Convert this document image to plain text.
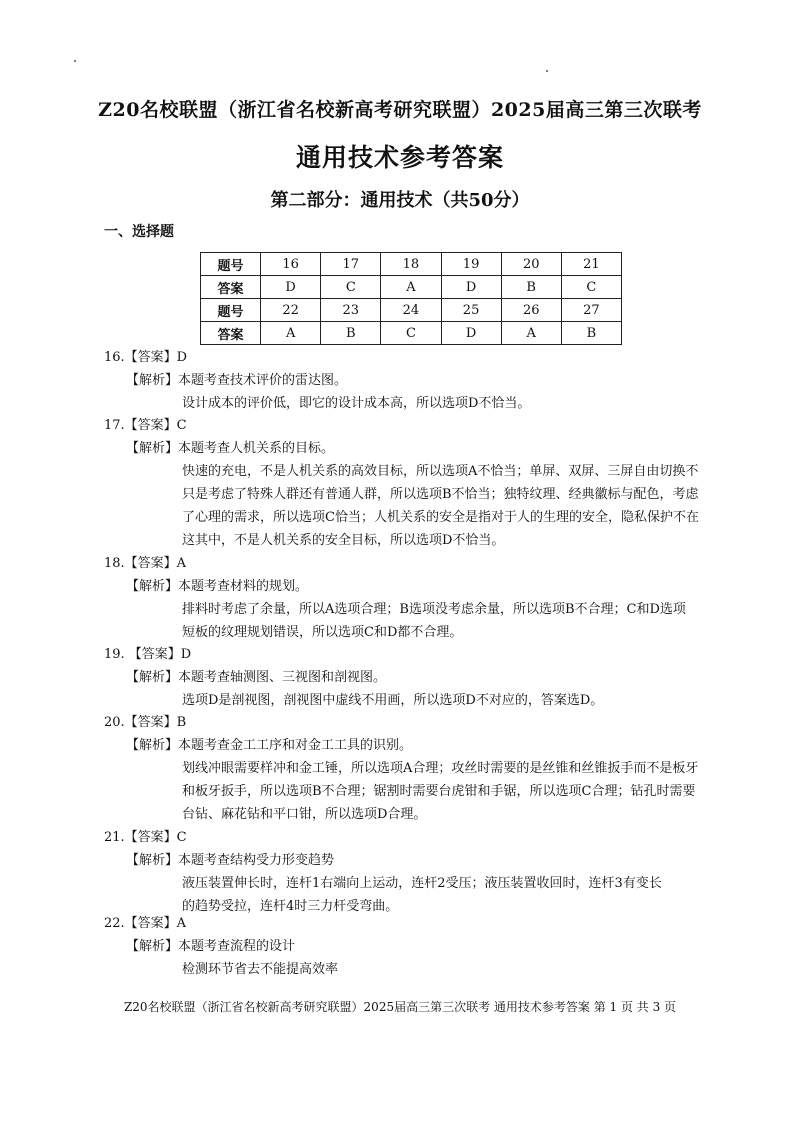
Z20名校联盟（浙江省名校新高考研究联盟）2025届高三第三次联考
通用技术参考答案
第二部分：通用技术（共50分）
一、选择题
题号	16	17	18	19	20	21
答案	D	C	A	D	B	C
题号	22	23	24	25	26	27
答案	A	B	C	D	A	B
16.【答案】D
【解析】本题考查技术评价的雷达图。
设计成本的评价低，即它的设计成本高，所以选项D不恰当。
17.【答案】C
【解析】本题考查人机关系的目标。
快速的充电，不是人机关系的高效目标，所以选项A不恰当；单屏、双屏、三屏自由切换不
只是考虑了特殊人群还有普通人群，所以选项B不恰当；独特纹理、经典徽标与配色，考虑
了心理的需求，所以选项C恰当；人机关系的安全是指对于人的生理的安全，隐私保护不在
这其中，不是人机关系的安全目标，所以选项D不恰当。
18.【答案】A
【解析】本题考查材料的规划。
排料时考虑了余量，所以A选项合理；B选项没考虑余量，所以选项B不合理；C和D选项
短板的纹理规划错误，所以选项C和D都不合理。
19. 【答案】D
【解析】本题考查轴测图、三视图和剖视图。
选项D是剖视图，剖视图中虚线不用画，所以选项D不对应的，答案选D。
20.【答案】B
【解析】本题考查金工工序和对金工工具的识别。
划线冲眼需要样冲和金工锤，所以选项A合理；攻丝时需要的是丝锥和丝锥扳手而不是板牙
和板牙扳手，所以选项B不合理；锯割时需要台虎钳和手锯，所以选项C合理；钻孔时需要
台钻、麻花钻和平口钳，所以选项D合理。
21.【答案】C
【解析】本题考查结构受力形变趋势
液压装置伸长时，连杆1右端向上运动，连杆2受压；液压装置收回时，连杆3有变长
的趋势受拉，连杆4时三力杆受弯曲。
22.【答案】A
【解析】本题考查流程的设计
检测环节省去不能提高效率
Z20名校联盟（浙江省名校新高考研究联盟）2025届高三第三次联考 通用技术参考答案 第 1 页 共 3 页
